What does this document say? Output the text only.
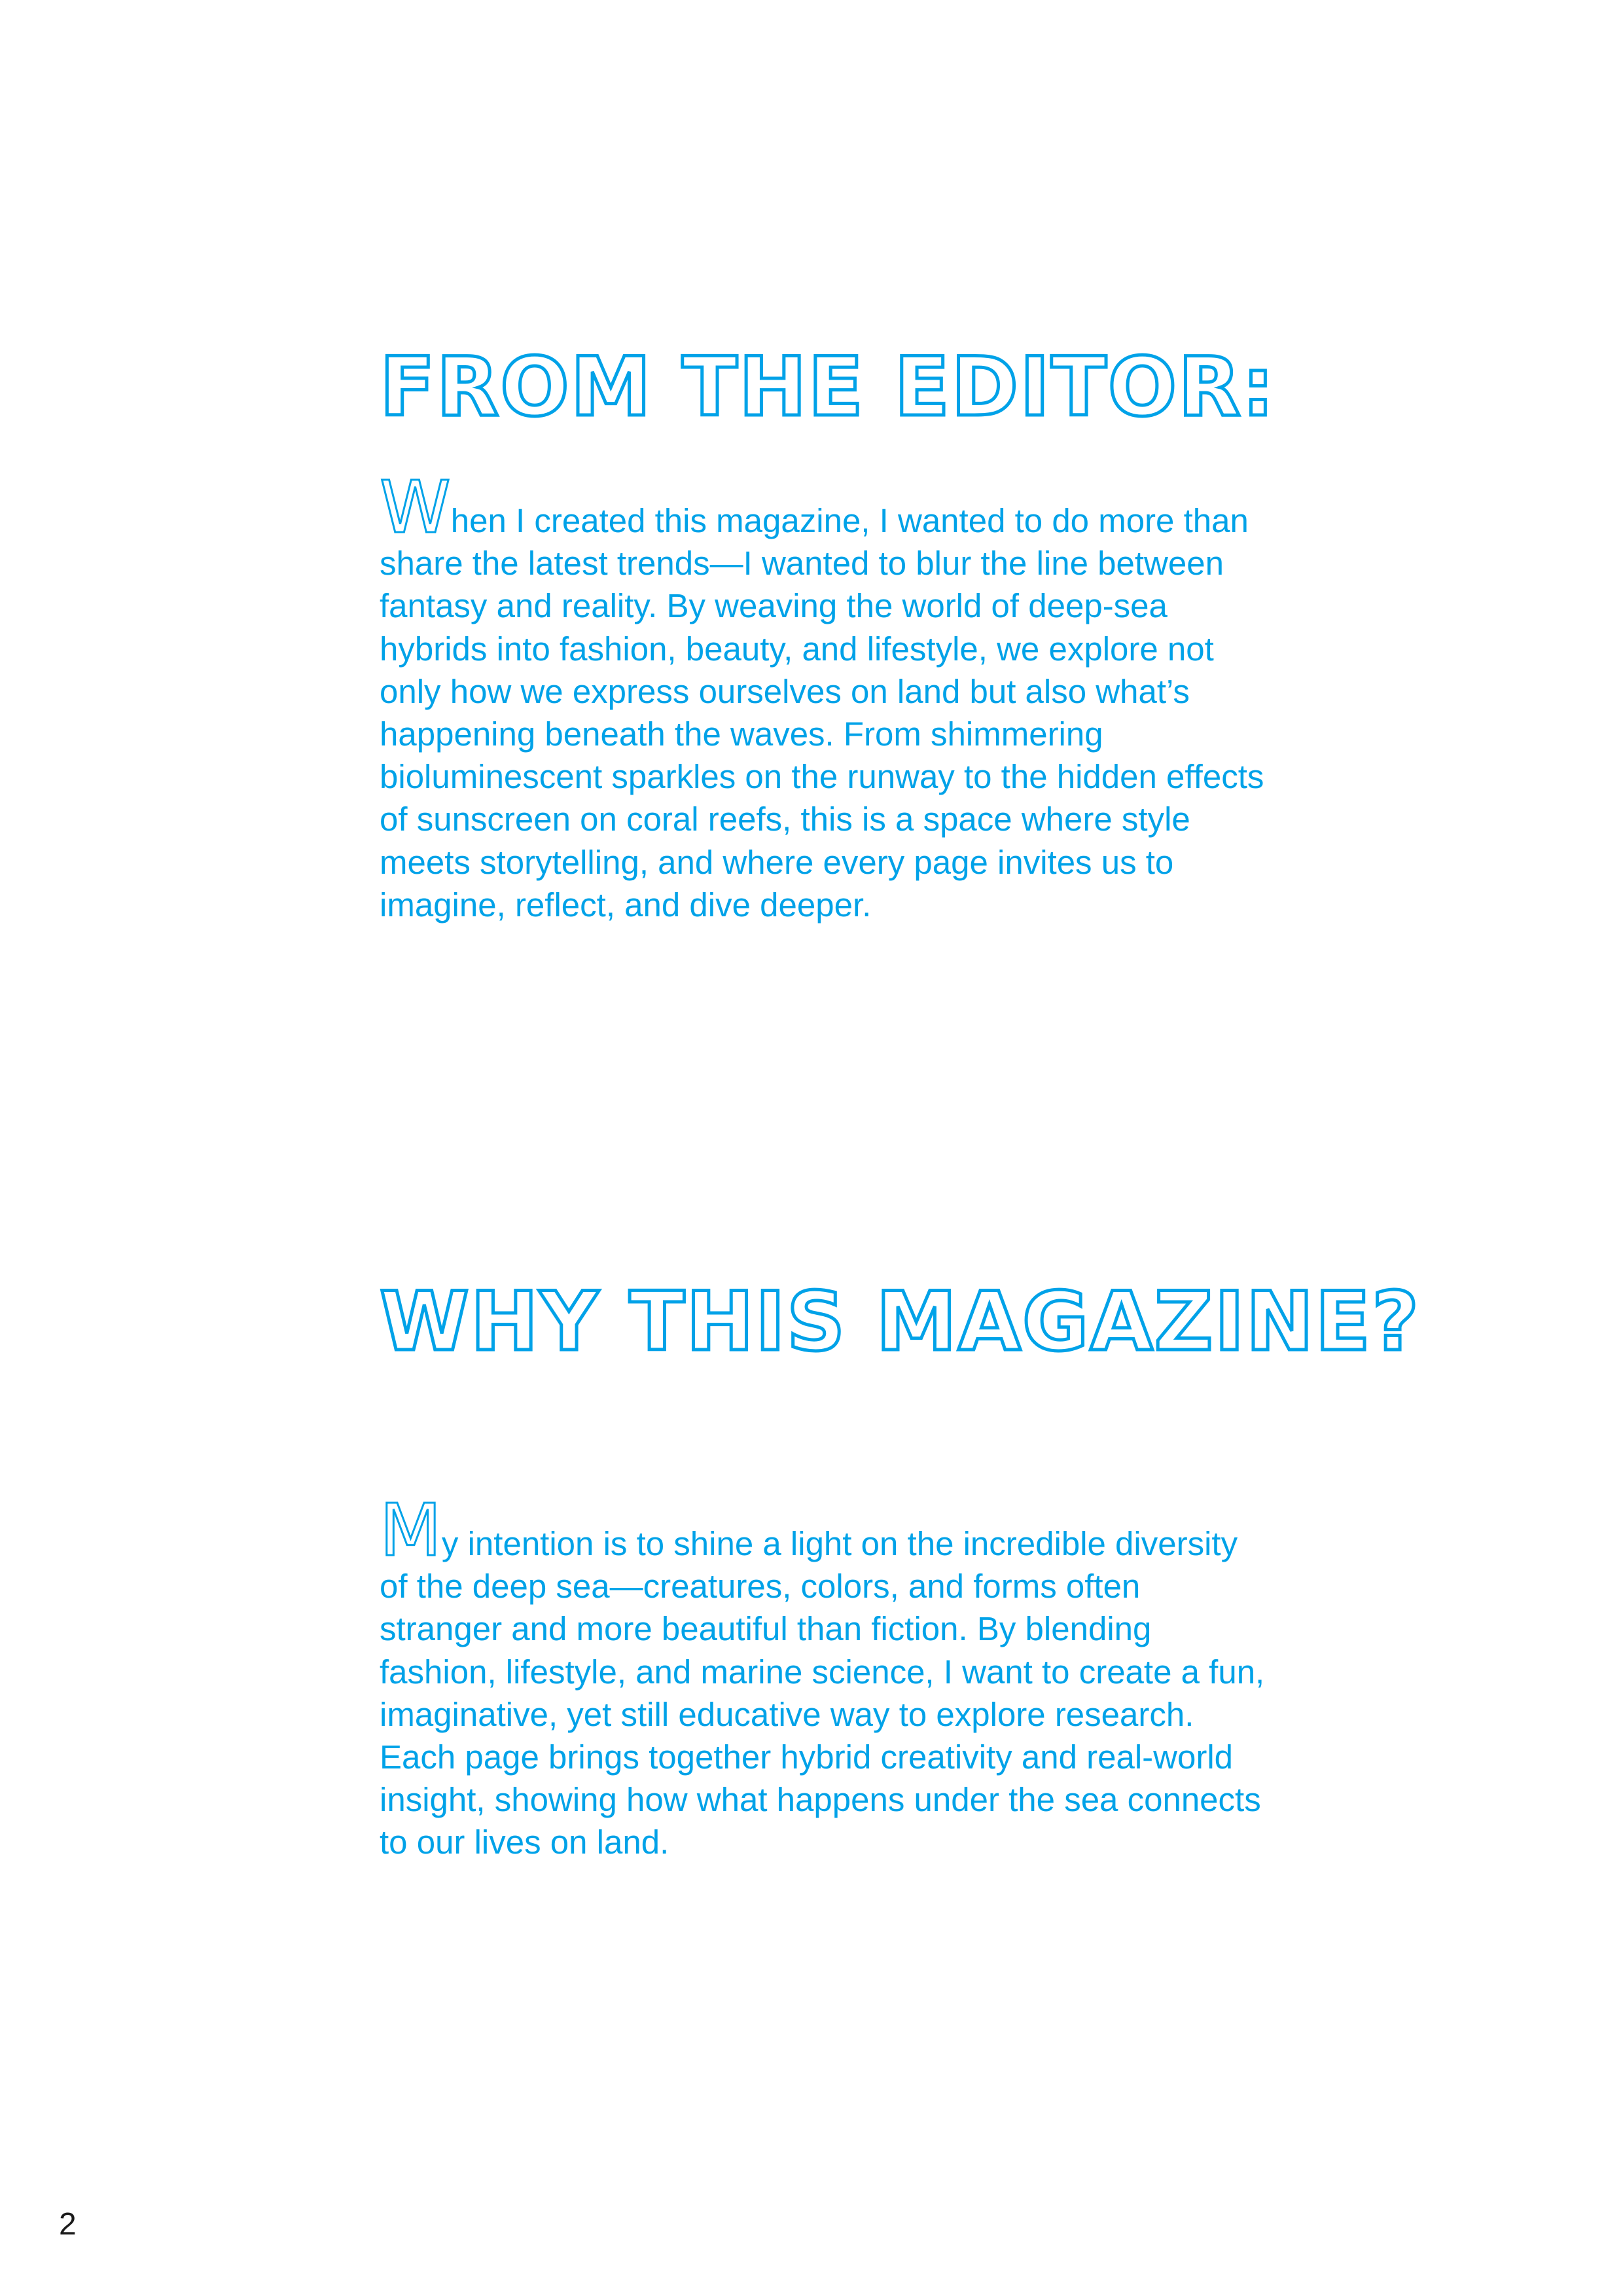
FROM THE EDITOR:

When I created this magazine, I wanted to do more than share the latest trends—I wanted to blur the line between fantasy and reality. By weaving the world of deep-sea hybrids into fashion, beauty, and lifestyle, we explore not only how we express ourselves on land but also what’s happening beneath the waves. From shimmering bioluminescent sparkles on the runway to the hidden effects of sunscreen on coral reefs, this is a space where style meets storytelling, and where every page invites us to imagine, reflect, and dive deeper.

WHY THIS MAGAZINE?

My intention is to shine a light on the incredible diversity of the deep sea—creatures, colors, and forms often stranger and more beautiful than fiction. By blending fashion, lifestyle, and marine science, I want to create a fun, imaginative, yet still educative way to explore research. Each page brings together hybrid creativity and real-world insight, showing how what happens under the sea connects to our lives on land.

2
